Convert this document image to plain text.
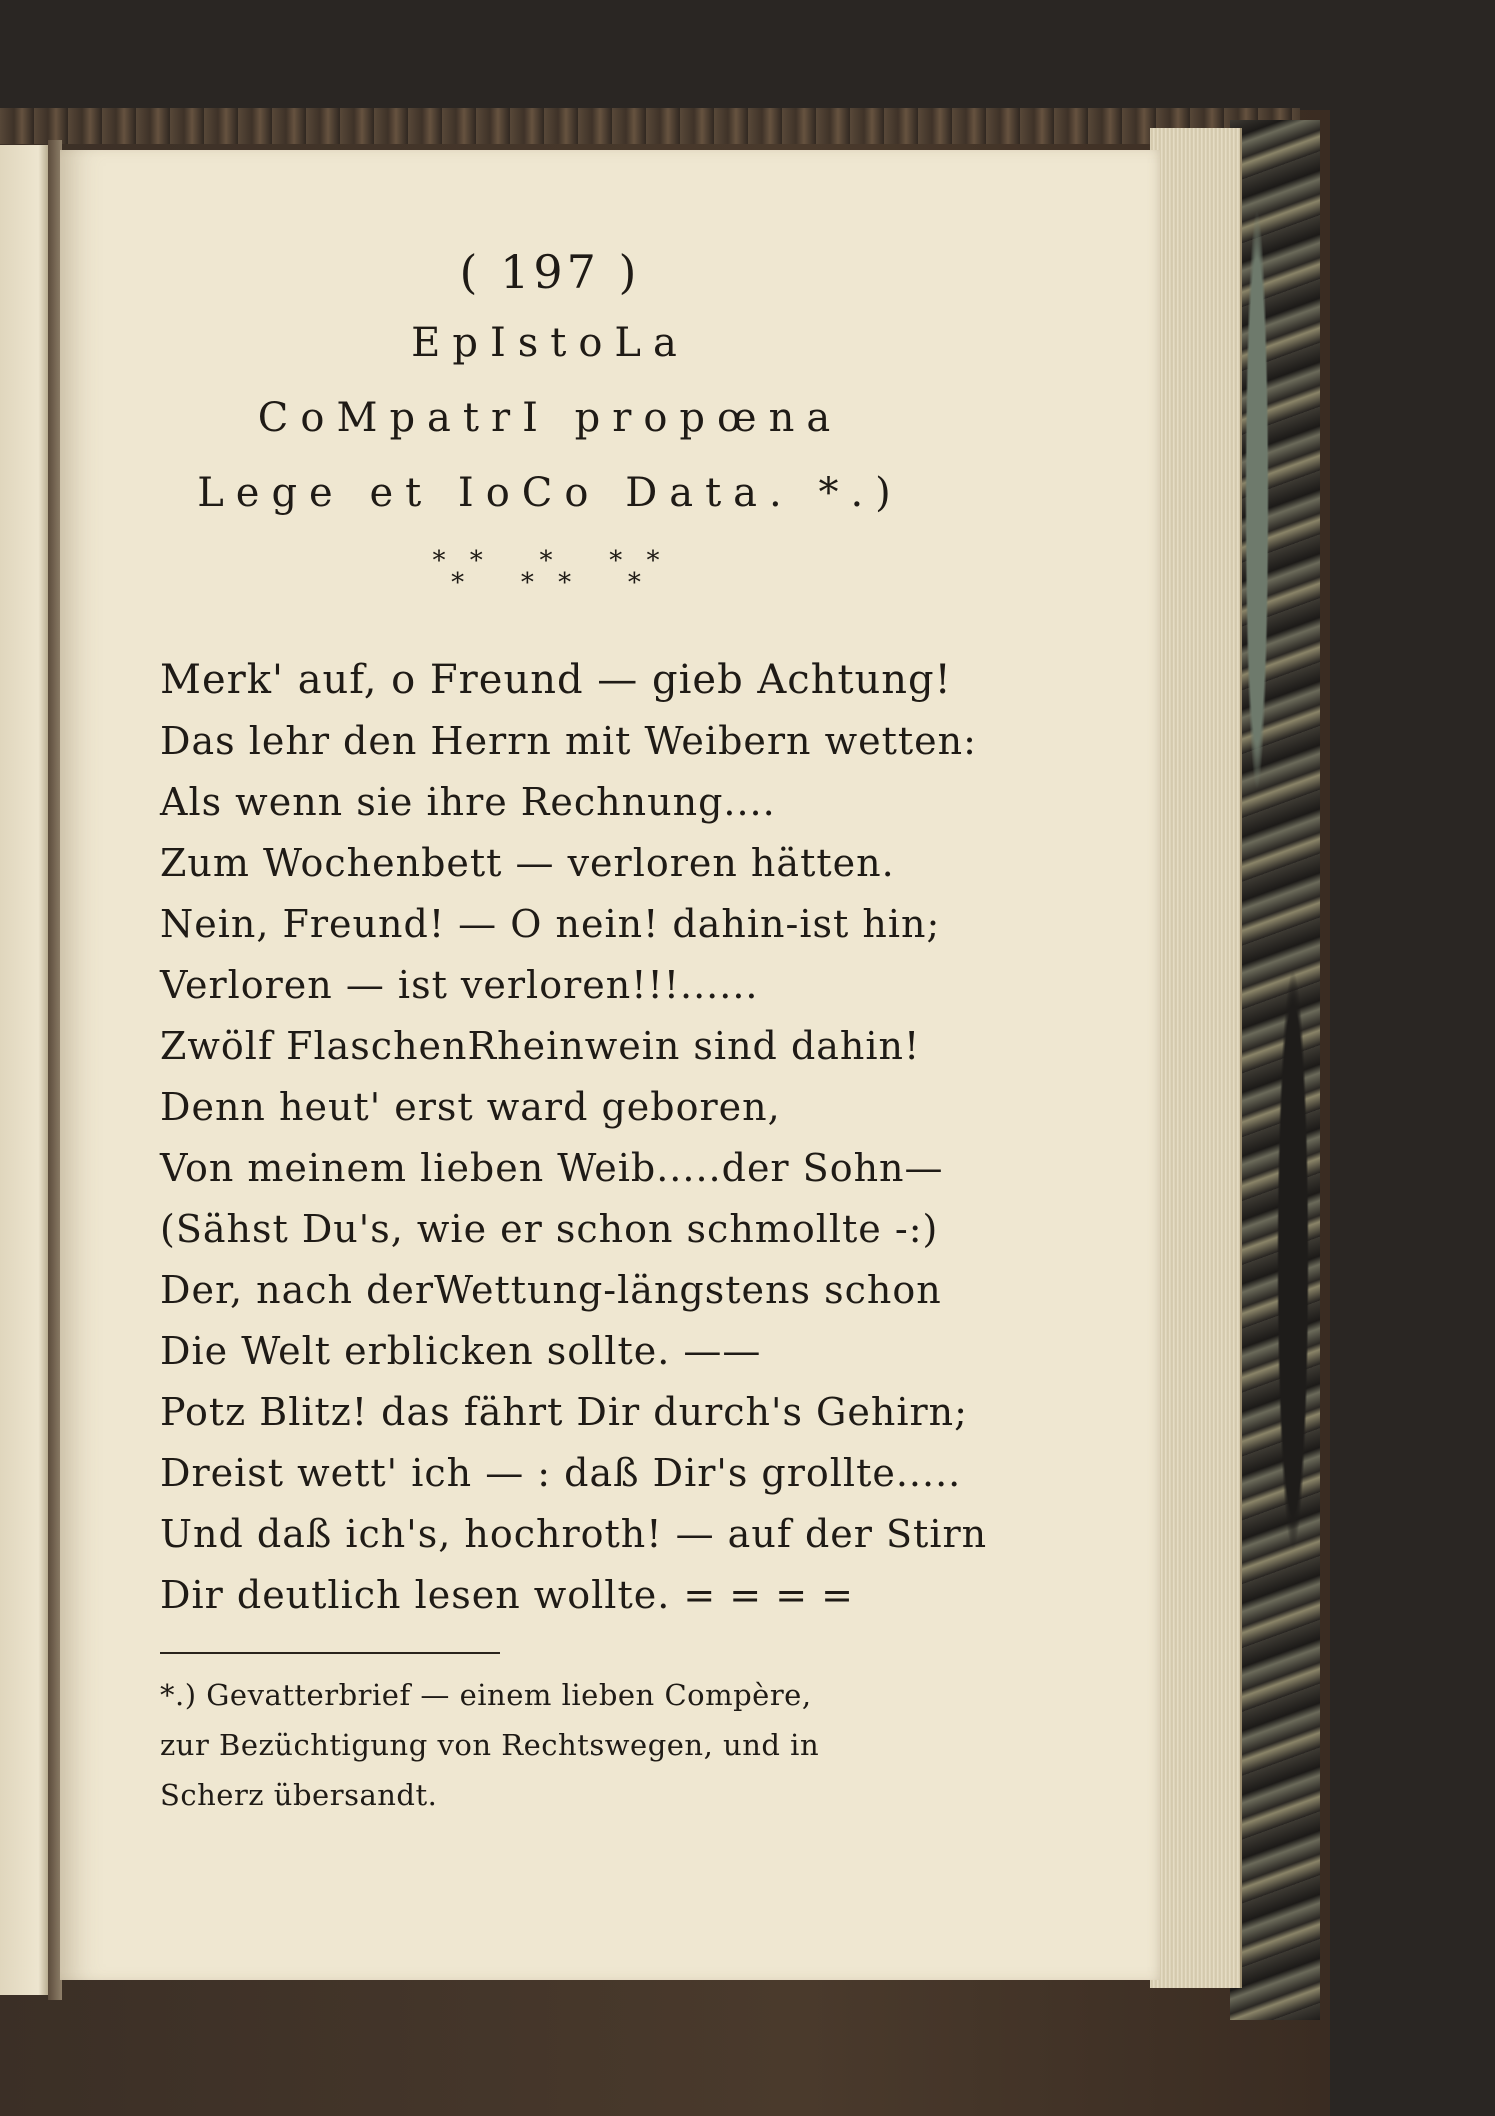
( 197 )
EpIstoLa
CoMpatrI propœna
Lege et IoCo Data. *.)
* *   *   * *
*   * *   *
Merk' auf, o Freund — gieb Achtung!
Das lehr den Herrn mit Weibern wetten:
Als wenn sie ihre Rechnung....
Zum Wochenbett — verloren hätten.
Nein, Freund! — O nein! dahin-ist hin;
Verloren — ist verloren!!!......
Zwölf FlaschenRheinwein sind dahin!
Denn heut' erst ward geboren,
Von meinem lieben Weib.....der Sohn—
(Sähst Du's, wie er schon schmollte -:)
Der, nach derWettung-längstens schon
Die Welt erblicken sollte. ——
Potz Blitz! das fährt Dir durch's Gehirn;
Dreist wett' ich — : daß Dir's grollte.....
Und daß ich's, hochroth! — auf der Stirn
Dir deutlich lesen wollte. = = = =
*.) Gevatterbrief — einem lieben Compère,
zur Bezüchtigung von Rechtswegen, und in
Scherz übersandt.
